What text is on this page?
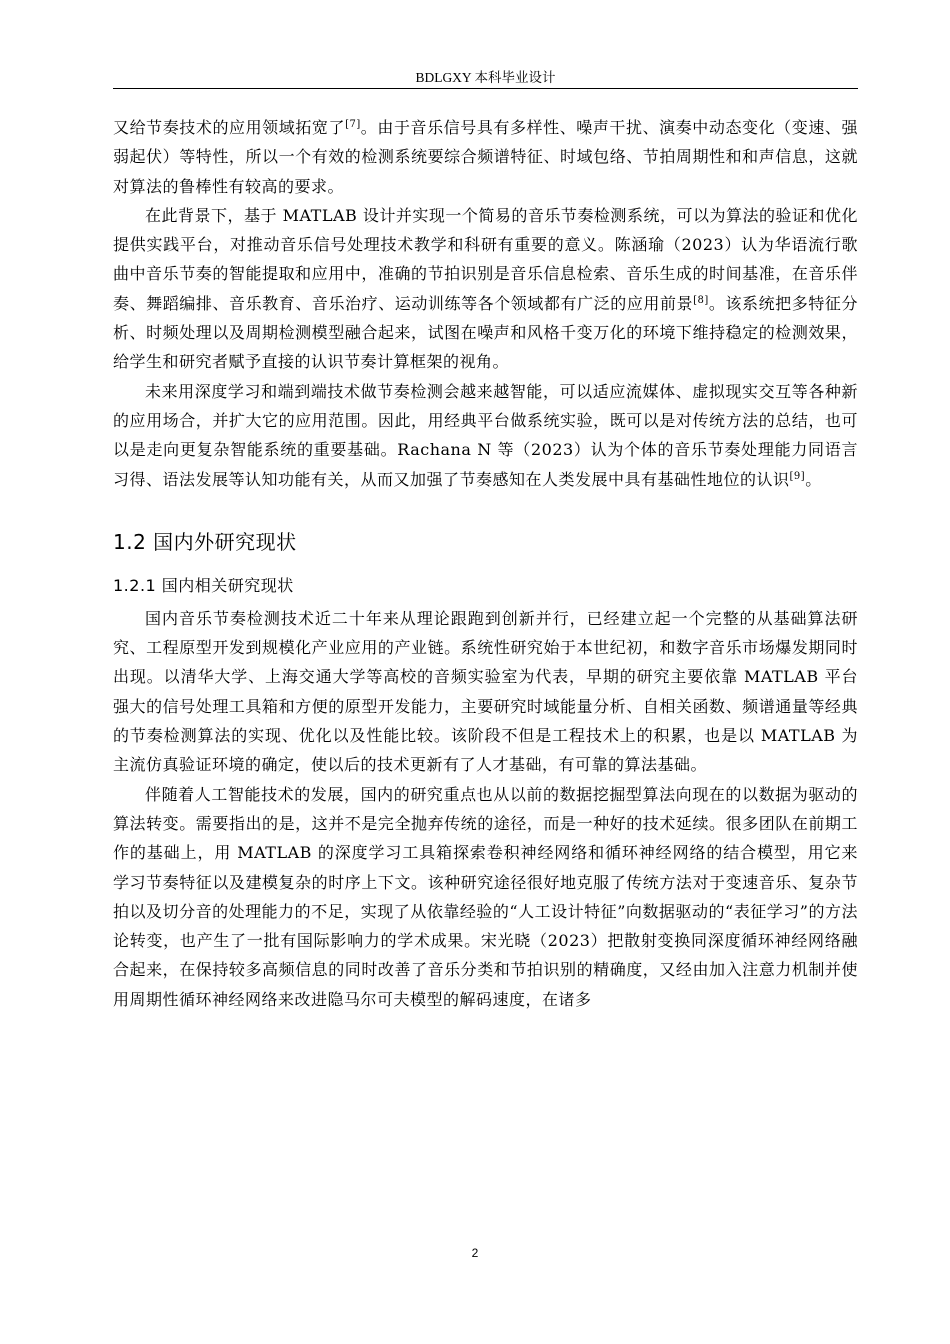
BDLGXY 本科毕业设计

又给节奏技术的应用领域拓宽了[7]。由于音乐信号具有多样性、噪声干扰、演奏中动态变化（变速、强弱起伏）等特性，所以一个有效的检测系统要综合频谱特征、时域包络、节拍周期性和和声信息，这就对算法的鲁棒性有较高的要求。

在此背景下，基于 MATLAB 设计并实现一个简易的音乐节奏检测系统，可以为算法的验证和优化提供实践平台，对推动音乐信号处理技术教学和科研有重要的意义。陈涵瑜（2023）认为华语流行歌曲中音乐节奏的智能提取和应用中，准确的节拍识别是音乐信息检索、音乐生成的时间基准，在音乐伴奏、舞蹈编排、音乐教育、音乐治疗、运动训练等各个领域都有广泛的应用前景[8]。该系统把多特征分析、时频处理以及周期检测模型融合起来，试图在噪声和风格千变万化的环境下维持稳定的检测效果，给学生和研究者赋予直接的认识节奏计算框架的视角。

未来用深度学习和端到端技术做节奏检测会越来越智能，可以适应流媒体、虚拟现实交互等各种新的应用场合，并扩大它的应用范围。因此，用经典平台做系统实验，既可以是对传统方法的总结，也可以是走向更复杂智能系统的重要基础。Rachana N 等（2023）认为个体的音乐节奏处理能力同语言习得、语法发展等认知功能有关，从而又加强了节奏感知在人类发展中具有基础性地位的认识[9]。

1.2 国内外研究现状
1.2.1 国内相关研究现状

国内音乐节奏检测技术近二十年来从理论跟跑到创新并行，已经建立起一个完整的从基础算法研究、工程原型开发到规模化产业应用的产业链。系统性研究始于本世纪初，和数字音乐市场爆发期同时出现。以清华大学、上海交通大学等高校的音频实验室为代表，早期的研究主要依靠 MATLAB 平台强大的信号处理工具箱和方便的原型开发能力，主要研究时域能量分析、自相关函数、频谱通量等经典的节奏检测算法的实现、优化以及性能比较。该阶段不但是工程技术上的积累，也是以 MATLAB 为主流仿真验证环境的确定，使以后的技术更新有了人才基础，有可靠的算法基础。

伴随着人工智能技术的发展，国内的研究重点也从以前的数据挖掘型算法向现在的以数据为驱动的算法转变。需要指出的是，这并不是完全抛弃传统的途径，而是一种好的技术延续。很多团队在前期工作的基础上，用 MATLAB 的深度学习工具箱探索卷积神经网络和循环神经网络的结合模型，用它来学习节奏特征以及建模复杂的时序上下文。该种研究途径很好地克服了传统方法对于变速音乐、复杂节拍以及切分音的处理能力的不足，实现了从依靠经验的“人工设计特征”向数据驱动的“表征学习”的方法论转变，也产生了一批有国际影响力的学术成果。宋光晓（2023）把散射变换同深度循环神经网络融合起来，在保持较多高频信息的同时改善了音乐分类和节拍识别的精确度，又经由加入注意力机制并使用周期性循环神经网络来改进隐马尔可夫模型的解码速度，在诸多

2
